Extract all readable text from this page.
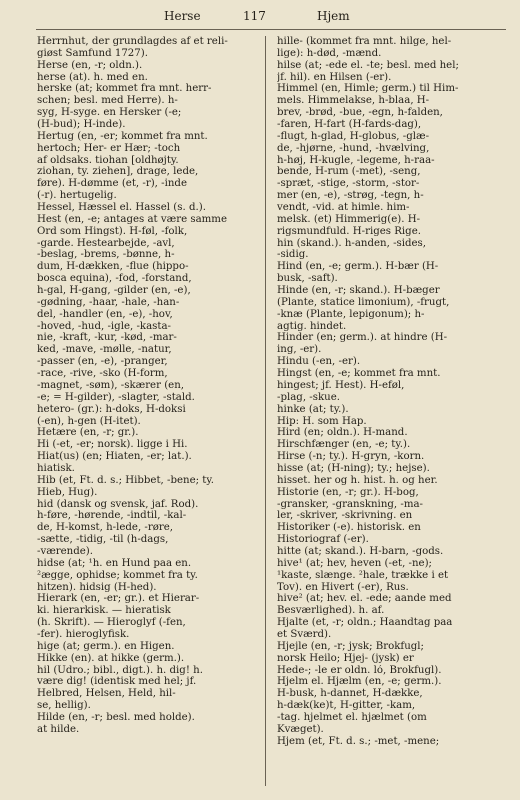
Herse	117	Hjem
Herrnhut, der grundlagdes af et reli-
giøst Samfund 1727).
Herse (en, -r; oldn.).
herse (at). h. med en.
herske (at; kommet fra mnt. herr-
schen; besl. med Herre). h-
syg, H-syge. en Hersker (-e;
(H-bud); H-inde).
Hertug (en, -er; kommet fra mnt.
hertoch; Her- er Hær; -toch
af oldsaks. tiohan [oldhøjty.
ziohan, ty. ziehen], drage, lede,
føre). H-dømme (et, -r), -inde
(-r). hertugelig.
Hessel, Hæssel el. Hassel (s. d.).
Hest (en, -e; antages at være samme
Ord som Hingst). H-føl, -folk,
-garde. Hestearbejde, -avl,
-beslag, -brems, -bønne, h-
dum, H-dækken, -flue (hippo-
bosca equina), -fod, -forstand,
h-gal, H-gang, -gilder (en, -e),
-gødning, -haar, -hale, -han-
del, -handler (en, -e), -hov,
-hoved, -hud, -igle, -kasta-
nie, -kraft, -kur, -kød, -mar-
ked, -mave, -mølle, -natur,
-passer (en, -e), -pranger,
-race, -rive, -sko (H-form,
-magnet, -søm), -skærer (en,
-e; = H-gilder), -slagter, -stald.
hetero- (gr.): h-doks, H-doksi
(-en), h-gen (H-itet).
Hetære (en, -r; gr.).
Hi (-et, -er; norsk). ligge i Hi.
Hiat(us) (en; Hiaten, -er; lat.).
hiatisk.
Hib (et, Ft. d. s.; Hibbet, -bene; ty.
Hieb, Hug).
hid (dansk og svensk, jaf. Rod).
h-føre, -hørende, -indtil, -kal-
de, H-komst, h-lede, -røre,
-sætte, -tidig, -til (h-dags,
-værende).
hidse (at; ¹h. en Hund paa en.
²ægge, ophidse; kommet fra ty.
hitzen). hidsig (H-hed).
Hierark (en, -er; gr.). et Hierar-
ki. hierarkisk. — hieratisk
(h. Skrift). — Hieroglyf (-fen,
-fer). hieroglyfisk.
hige (at; germ.). en Higen.
Hikke (en). at hikke (germ.).
hil (Udro.; bibl., digt.). h. dig! h.
være dig! (identisk med hel; jf.
Helbred, Helsen, Held, hil-
se, hellig).
Hilde (en, -r; besl. med holde).
at hilde.
hille- (kommet fra mnt. hilge, hel-
lige): h-død, -mænd.
hilse (at; -ede el. -te; besl. med hel;
jf. hil). en Hilsen (-er).
Himmel (en, Himle; germ.) til Him-
mels. Himmelakse, h-blaa, H-
brev, -brød, -bue, -egn, h-falden,
-faren, H-fart (H-fards-dag),
-flugt, h-glad, H-globus, -glæ-
de, -hjørne, -hund, -hvælving,
h-høj, H-kugle, -legeme, h-raa-
bende, H-rum (-met), -seng,
-spræt, -stige, -storm, -stor-
mer (en, -e), -strøg, -tegn, h-
vendt, -vid. at himle. him-
melsk. (et) Himmerig(e). H-
rigsmundfuld. H-riges Rige.
hin (skand.). h-anden, -sides,
-sidig.
Hind (en, -e; germ.). H-bær (H-
busk, -saft).
Hinde (en, -r; skand.). H-bæger
(Plante, statice limonium), -frugt,
-knæ (Plante, lepigonum); h-
agtig. hindet.
Hinder (en; germ.). at hindre (H-
ing, -er).
Hindu (-en, -er).
Hingst (en, -e; kommet fra mnt.
hingest; jf. Hest). H-eføl,
-plag, -skue.
hinke (at; ty.).
Hip: H. som Hap.
Hird (en; oldn.). H-mand.
Hirschfænger (en, -e; ty.).
Hirse (-n; ty.). H-gryn, -korn.
hisse (at; (H-ning); ty.; hejse).
hisset. her og h. hist. h. og her.
Historie (en, -r; gr.). H-bog,
-gransker, -granskning, -ma-
ler, -skriver, -skrivning. en
Historiker (-e). historisk. en
Historiograf (-er).
hitte (at; skand.). H-barn, -gods.
hive¹ (at; hev, heven (-et, -ne);
¹kaste, slænge. ²hale, trække i et
Tov). en Hivert (-er), Rus.
hive² (at; hev. el. -ede; aande med
Besværlighed). h. af.
Hjalte (et, -r; oldn.; Haandtag paa
et Sværd).
Hjejle (en, -r; jysk; Brokfugl;
norsk Heilo; Hjej- (jysk) er
Hede-; -le er oldn. ló, Brokfugl).
Hjelm el. Hjælm (en, -e; germ.).
H-busk, h-dannet, H-dække,
h-dæk(ke)t, H-gitter, -kam,
-tag. hjelmet el. hjælmet (om
Kvæget).
Hjem (et, Ft. d. s.; -met, -mene;
